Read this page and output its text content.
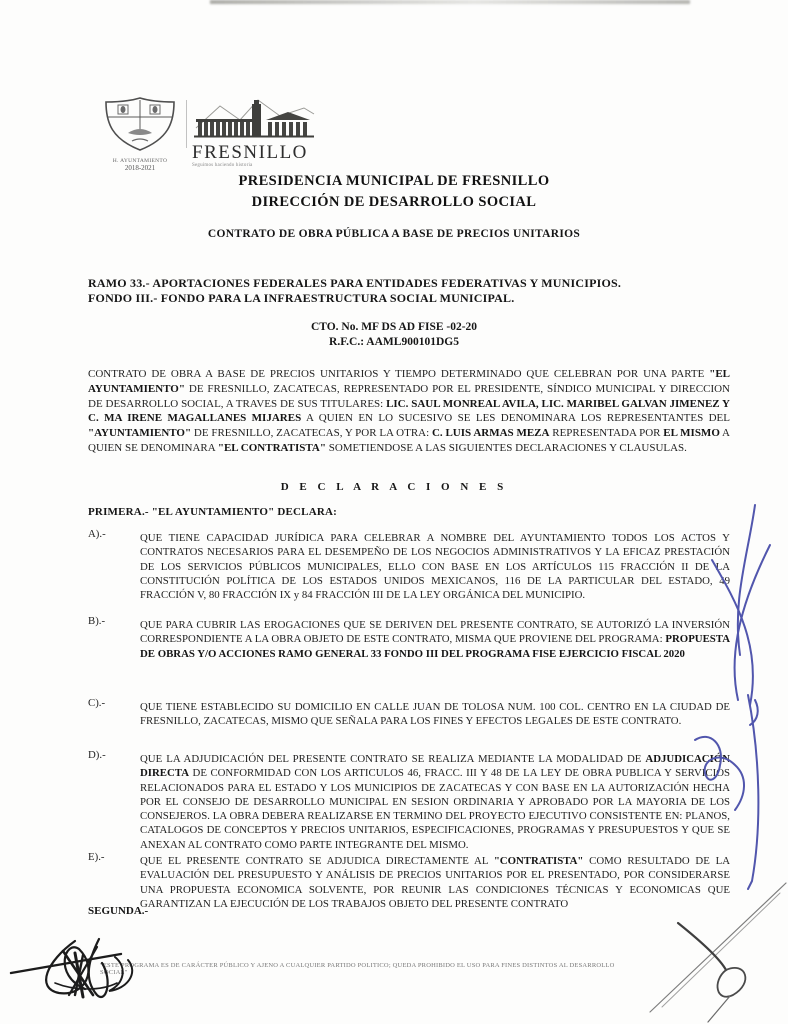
H. AYUNTAMIENTO
2018-2021
FRESNILLO
Seguimos haciendo historia
PRESIDENCIA MUNICIPAL DE FRESNILLO
DIRECCIÓN DE DESARROLLO SOCIAL
CONTRATO DE OBRA PÚBLICA A BASE DE PRECIOS UNITARIOS
RAMO 33.- APORTACIONES FEDERALES PARA ENTIDADES FEDERATIVAS Y MUNICIPIOS.
FONDO III.- FONDO PARA LA INFRAESTRUCTURA SOCIAL MUNICIPAL.
CTO. No. MF DS AD FISE -02-20
R.F.C.: AAML900101DG5
CONTRATO DE OBRA A BASE DE PRECIOS UNITARIOS Y TIEMPO DETERMINADO QUE CELEBRAN POR UNA PARTE "EL AYUNTAMIENTO" DE FRESNILLO, ZACATECAS, REPRESENTADO POR EL PRESIDENTE, SÍNDICO MUNICIPAL Y DIRECCION DE DESARROLLO SOCIAL, A TRAVES DE SUS TITULARES: LIC. SAUL MONREAL AVILA, LIC. MARIBEL GALVAN JIMENEZ Y C. MA IRENE MAGALLANES MIJARES A QUIEN EN LO SUCESIVO SE LES DENOMINARA LOS REPRESENTANTES DEL "AYUNTAMIENTO" DE FRESNILLO, ZACATECAS, Y POR LA OTRA: C. LUIS ARMAS MEZA REPRESENTADA POR EL MISMO A QUIEN SE DENOMINARA "EL CONTRATISTA" SOMETIENDOSE A LAS SIGUIENTES DECLARACIONES Y CLAUSULAS.
D E C L A R A C I O N E S
PRIMERA.- "EL AYUNTAMIENTO" DECLARA:
A).-	QUE TIENE CAPACIDAD JURÍDICA PARA CELEBRAR A NOMBRE DEL AYUNTAMIENTO TODOS LOS ACTOS Y CONTRATOS NECESARIOS PARA EL DESEMPEÑO DE LOS NEGOCIOS ADMINISTRATIVOS Y LA EFICAZ PRESTACIÓN DE LOS SERVICIOS PÚBLICOS MUNICIPALES, ELLO CON BASE EN LOS ARTÍCULOS 115 FRACCIÓN II DE LA CONSTITUCIÓN POLÍTICA DE LOS ESTADOS UNIDOS MEXICANOS, 116 DE LA PARTICULAR DEL ESTADO, 49 FRACCIÓN V, 80 FRACCIÓN IX y 84 FRACCIÓN III DE LA LEY ORGÁNICA DEL MUNICIPIO.
B).-	QUE PARA CUBRIR LAS EROGACIONES QUE SE DERIVEN DEL PRESENTE CONTRATO, SE AUTORIZÓ LA INVERSIÓN CORRESPONDIENTE A LA OBRA OBJETO DE ESTE CONTRATO, MISMA QUE PROVIENE DEL PROGRAMA: PROPUESTA DE OBRAS Y/O ACCIONES RAMO GENERAL 33 FONDO III DEL PROGRAMA FISE EJERCICIO FISCAL 2020
C).-	QUE TIENE ESTABLECIDO SU DOMICILIO EN CALLE JUAN DE TOLOSA NUM. 100 COL. CENTRO EN LA CIUDAD DE FRESNILLO, ZACATECAS, MISMO QUE SEÑALA PARA LOS FINES Y EFECTOS LEGALES DE ESTE CONTRATO.
D).-	QUE LA ADJUDICACIÓN DEL PRESENTE CONTRATO SE REALIZA MEDIANTE LA MODALIDAD DE ADJUDICACIÓN DIRECTA DE CONFORMIDAD CON LOS ARTICULOS 46, FRACC. III Y 48 DE LA LEY DE OBRA PUBLICA Y SERVICIOS RELACIONADOS PARA EL ESTADO Y LOS MUNICIPIOS DE ZACATECAS Y CON BASE EN LA AUTORIZACIÓN HECHA POR EL CONSEJO DE DESARROLLO MUNICIPAL EN SESION ORDINARIA Y APROBADO POR LA MAYORIA DE LOS CONSEJEROS. LA OBRA DEBERA REALIZARSE EN TERMINO DEL PROYECTO EJECUTIVO CONSISTENTE EN: PLANOS, CATALOGOS DE CONCEPTOS Y PRECIOS UNITARIOS, ESPECIFICACIONES, PROGRAMAS Y PRESUPUESTOS Y QUE SE ANEXAN AL CONTRATO COMO PARTE INTEGRANTE DEL MISMO.
E).-	QUE EL PRESENTE CONTRATO SE ADJUDICA DIRECTAMENTE AL "CONTRATISTA" COMO RESULTADO DE LA EVALUACIÓN DEL PRESUPUESTO Y ANÁLISIS DE PRECIOS UNITARIOS POR EL PRESENTADO, POR CONSIDERARSE UNA PROPUESTA ECONOMICA SOLVENTE, POR REUNIR LAS CONDICIONES TÉCNICAS Y ECONOMICAS QUE GARANTIZAN LA EJECUCIÓN DE LOS TRABAJOS OBJETO DEL PRESENTE CONTRATO
SEGUNDA.-
"ESTE PROGRAMA ES DE CARÁCTER PÚBLICO Y AJENO A CUALQUIER PARTIDO POLITICO; QUEDA PROHIBIDO EL USO PARA FINES DISTINTOS AL DESARROLLO SOCIAL"
